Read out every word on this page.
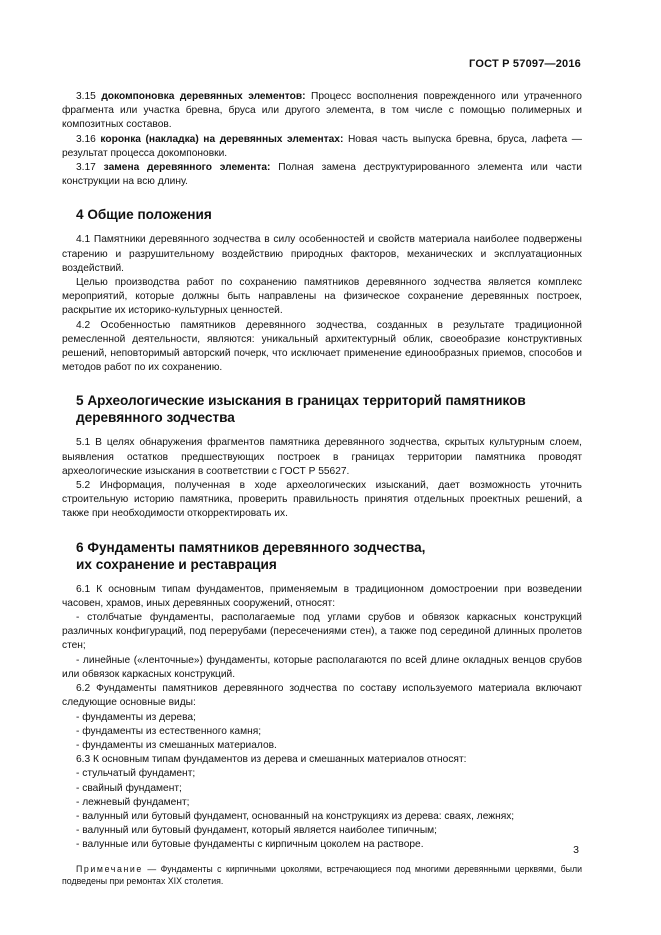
ГОСТ Р 57097—2016

3.15 докомпоновка деревянных элементов: Процесс восполнения поврежденного или утраченного фрагмента или участка бревна, бруса или другого элемента, в том числе с помощью полимерных и композитных составов.

3.16 коронка (накладка) на деревянных элементах: Новая часть выпуска бревна, бруса, лафета — результат процесса докомпоновки.

3.17 замена деревянного элемента: Полная замена деструктурированного элемента или части конструкции на всю длину.

4 Общие положения

4.1 Памятники деревянного зодчества в силу особенностей и свойств материала наиболее подвержены старению и разрушительному воздействию природных факторов, механических и эксплуатационных воздействий.

Целью производства работ по сохранению памятников деревянного зодчества является комплекс мероприятий, которые должны быть направлены на физическое сохранение деревянных построек, раскрытие их историко-культурных ценностей.

4.2 Особенностью памятников деревянного зодчества, созданных в результате традиционной ремесленной деятельности, являются: уникальный архитектурный облик, своеобразие конструктивных решений, неповторимый авторский почерк, что исключает применение единообразных приемов, способов и методов работ по их сохранению.

5 Археологические изыскания в границах территорий памятников
деревянного зодчества

5.1 В целях обнаружения фрагментов памятника деревянного зодчества, скрытых культурным слоем, выявления остатков предшествующих построек в границах территории памятника проводят археологические изыскания в соответствии с ГОСТ Р 55627.

5.2 Информация, полученная в ходе археологических изысканий, дает возможность уточнить строительную историю памятника, проверить правильность принятия отдельных проектных решений, а также при необходимости откорректировать их.

6 Фундаменты памятников деревянного зодчества,
их сохранение и реставрация

6.1 К основным типам фундаментов, применяемым в традиционном домостроении при возведении часовен, храмов, иных деревянных сооружений, относят:

- столбчатые фундаменты, располагаемые под углами срубов и обвязок каркасных конструкций различных конфигураций, под перерубами (пересечениями стен), а также под серединой длинных пролетов стен;

- линейные («ленточные») фундаменты, которые располагаются по всей длине окладных венцов срубов или обвязок каркасных конструкций.

6.2 Фундаменты памятников деревянного зодчества по составу используемого материала включают следующие основные виды:

- фундаменты из дерева;

- фундаменты из естественного камня;

- фундаменты из смешанных материалов.

6.3 К основным типам фундаментов из дерева и смешанных материалов относят:

- стульчатый фундамент;

- свайный фундамент;

- лежневый фундамент;

- валунный или бутовый фундамент, основанный на конструкциях из дерева: сваях, лежнях;

- валунный или бутовый фундамент, который является наиболее типичным;

- валунные или бутовые фундаменты с кирпичным цоколем на растворе.

Примечание — Фундаменты с кирпичными цоколями, встречающиеся под многими деревянными церквями, были подведены при ремонтах XIX столетия.
3
